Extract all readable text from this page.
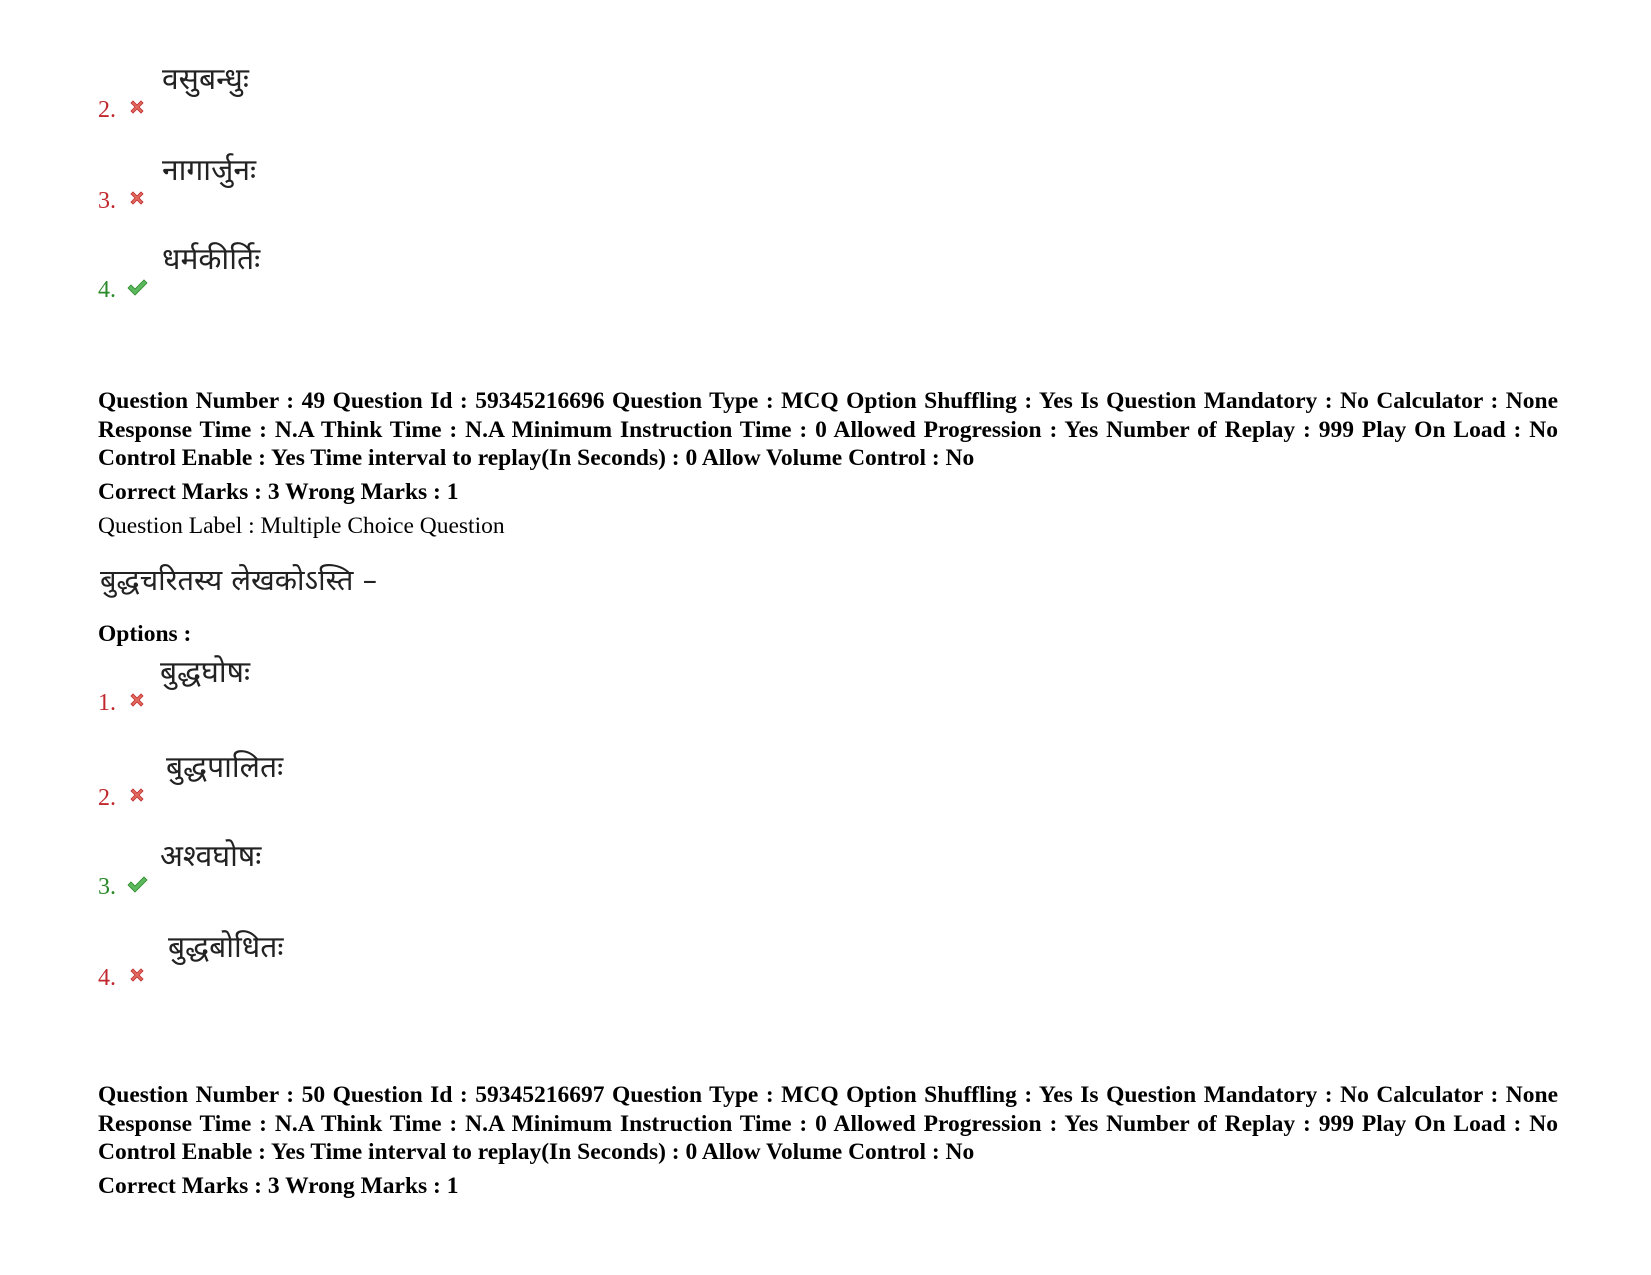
2.
वसुबन्धुः
3.
नागार्जुनः
4.
धर्मकीर्तिः
Question Number : 49 Question Id : 59345216696 Question Type : MCQ Option Shuffling : Yes Is Question Mandatory : No Calculator : None Response Time : N.A Think Time : N.A Minimum Instruction Time : 0 Allowed Progression : Yes Number of Replay : 999 Play On Load : No Control Enable : Yes Time interval to replay(In Seconds) : 0 Allow Volume Control : No
Correct Marks : 3 Wrong Marks : 1
Question Label : Multiple Choice Question
बुद्धचरितस्य लेखकोऽस्ति –
Options :
1.
बुद्धघोषः
2.
बुद्धपालितः
3.
अश्वघोषः
4.
बुद्धबोधितः
Question Number : 50 Question Id : 59345216697 Question Type : MCQ Option Shuffling : Yes Is Question Mandatory : No Calculator : None Response Time : N.A Think Time : N.A Minimum Instruction Time : 0 Allowed Progression : Yes Number of Replay : 999 Play On Load : No Control Enable : Yes Time interval to replay(In Seconds) : 0 Allow Volume Control : No
Correct Marks : 3 Wrong Marks : 1
